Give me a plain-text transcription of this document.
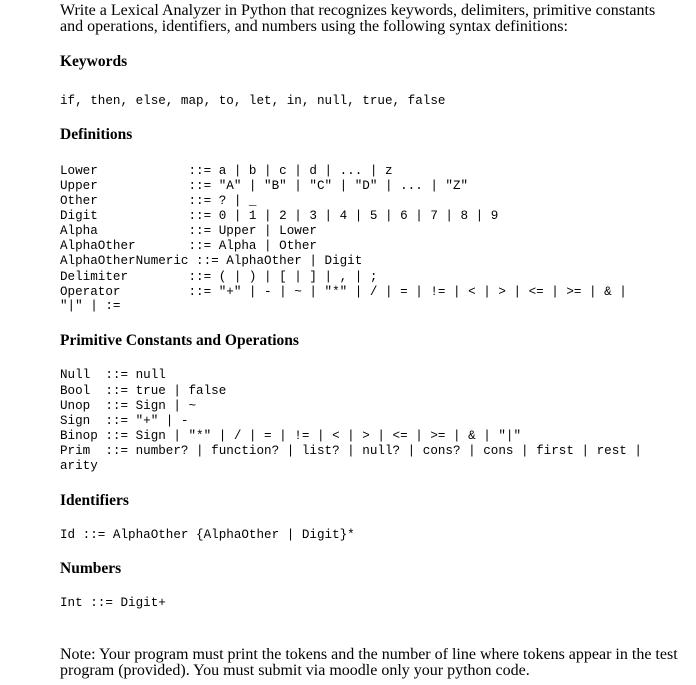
Write a Lexical Analyzer in Python that recognizes keywords, delimiters, primitive constants and operations, identifiers, and numbers using the following syntax definitions:
Keywords
if, then, else, map, to, let, in, null, true, false
Definitions
Lower            ::= a | b | c | d | ... | z
Upper            ::= "A" | "B" | "C" | "D" | ... | "Z"
Other            ::= ? | _
Digit            ::= 0 | 1 | 2 | 3 | 4 | 5 | 6 | 7 | 8 | 9
Alpha            ::= Upper | Lower
AlphaOther       ::= Alpha | Other
AlphaOtherNumeric ::= AlphaOther | Digit
Delimiter        ::= ( | ) | [ | ] | , | ;
Operator         ::= "+" | - | ~ | "*" | / | = | != | < | > | <= | >= | & |
"|" | :=
Primitive Constants and Operations
Null  ::= null
Bool  ::= true | false
Unop  ::= Sign | ~
Sign  ::= "+" | -
Binop ::= Sign | "*" | / | = | != | < | > | <= | >= | & | "|"
Prim  ::= number? | function? | list? | null? | cons? | cons | first | rest |
arity
Identifiers
Id ::= AlphaOther {AlphaOther | Digit}*
Numbers
Int ::= Digit+
Note: Your program must print the tokens and the number of line where tokens appear in the test program (provided). You must submit via moodle only your python code.
